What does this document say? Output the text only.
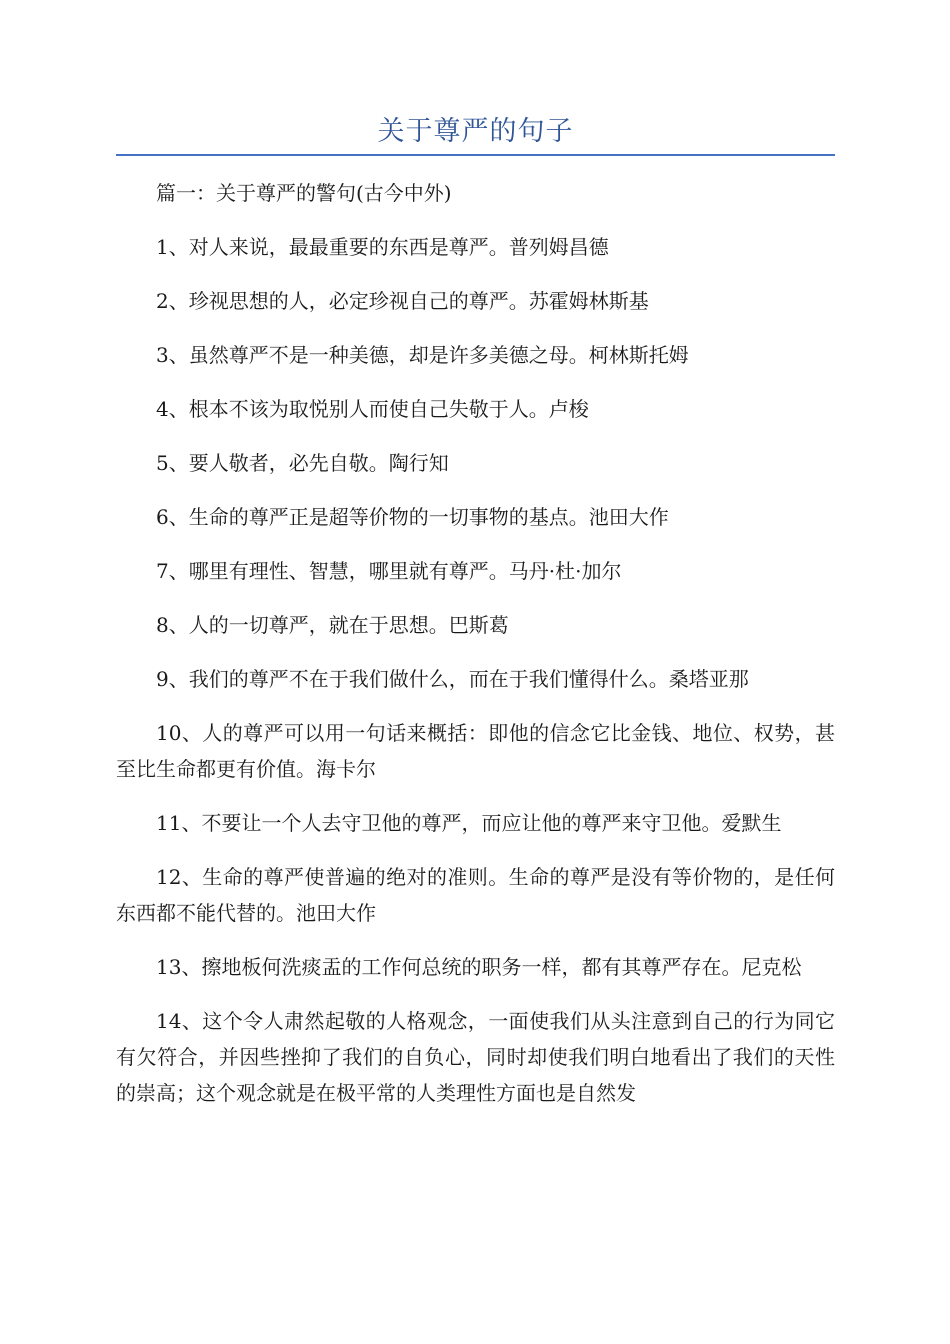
关于尊严的句子

篇一：关于尊严的警句(古今中外)

1、对人来说，最最重要的东西是尊严。普列姆昌德

2、珍视思想的人，必定珍视自己的尊严。苏霍姆林斯基

3、虽然尊严不是一种美德，却是许多美德之母。柯林斯托姆

4、根本不该为取悦别人而使自己失敬于人。卢梭

5、要人敬者，必先自敬。陶行知

6、生命的尊严正是超等价物的一切事物的基点。池田大作

7、哪里有理性、智慧，哪里就有尊严。马丹·杜·加尔

8、人的一切尊严，就在于思想。巴斯葛

9、我们的尊严不在于我们做什么，而在于我们懂得什么。桑塔亚那

10、人的尊严可以用一句话来概括：即他的信念它比金钱、地位、权势，甚至比生命都更有价值。海卡尔

11、不要让一个人去守卫他的尊严，而应让他的尊严来守卫他。爱默生

12、生命的尊严使普遍的绝对的准则。生命的尊严是没有等价物的，是任何东西都不能代替的。池田大作

13、擦地板何洗痰盂的工作何总统的职务一样，都有其尊严存在。尼克松

14、这个令人肃然起敬的人格观念，一面使我们从头注意到自己的行为同它有欠符合，并因些挫抑了我们的自负心，同时却使我们明白地看出了我们的天性的崇高；这个观念就是在极平常的人类理性方面也是自然发
